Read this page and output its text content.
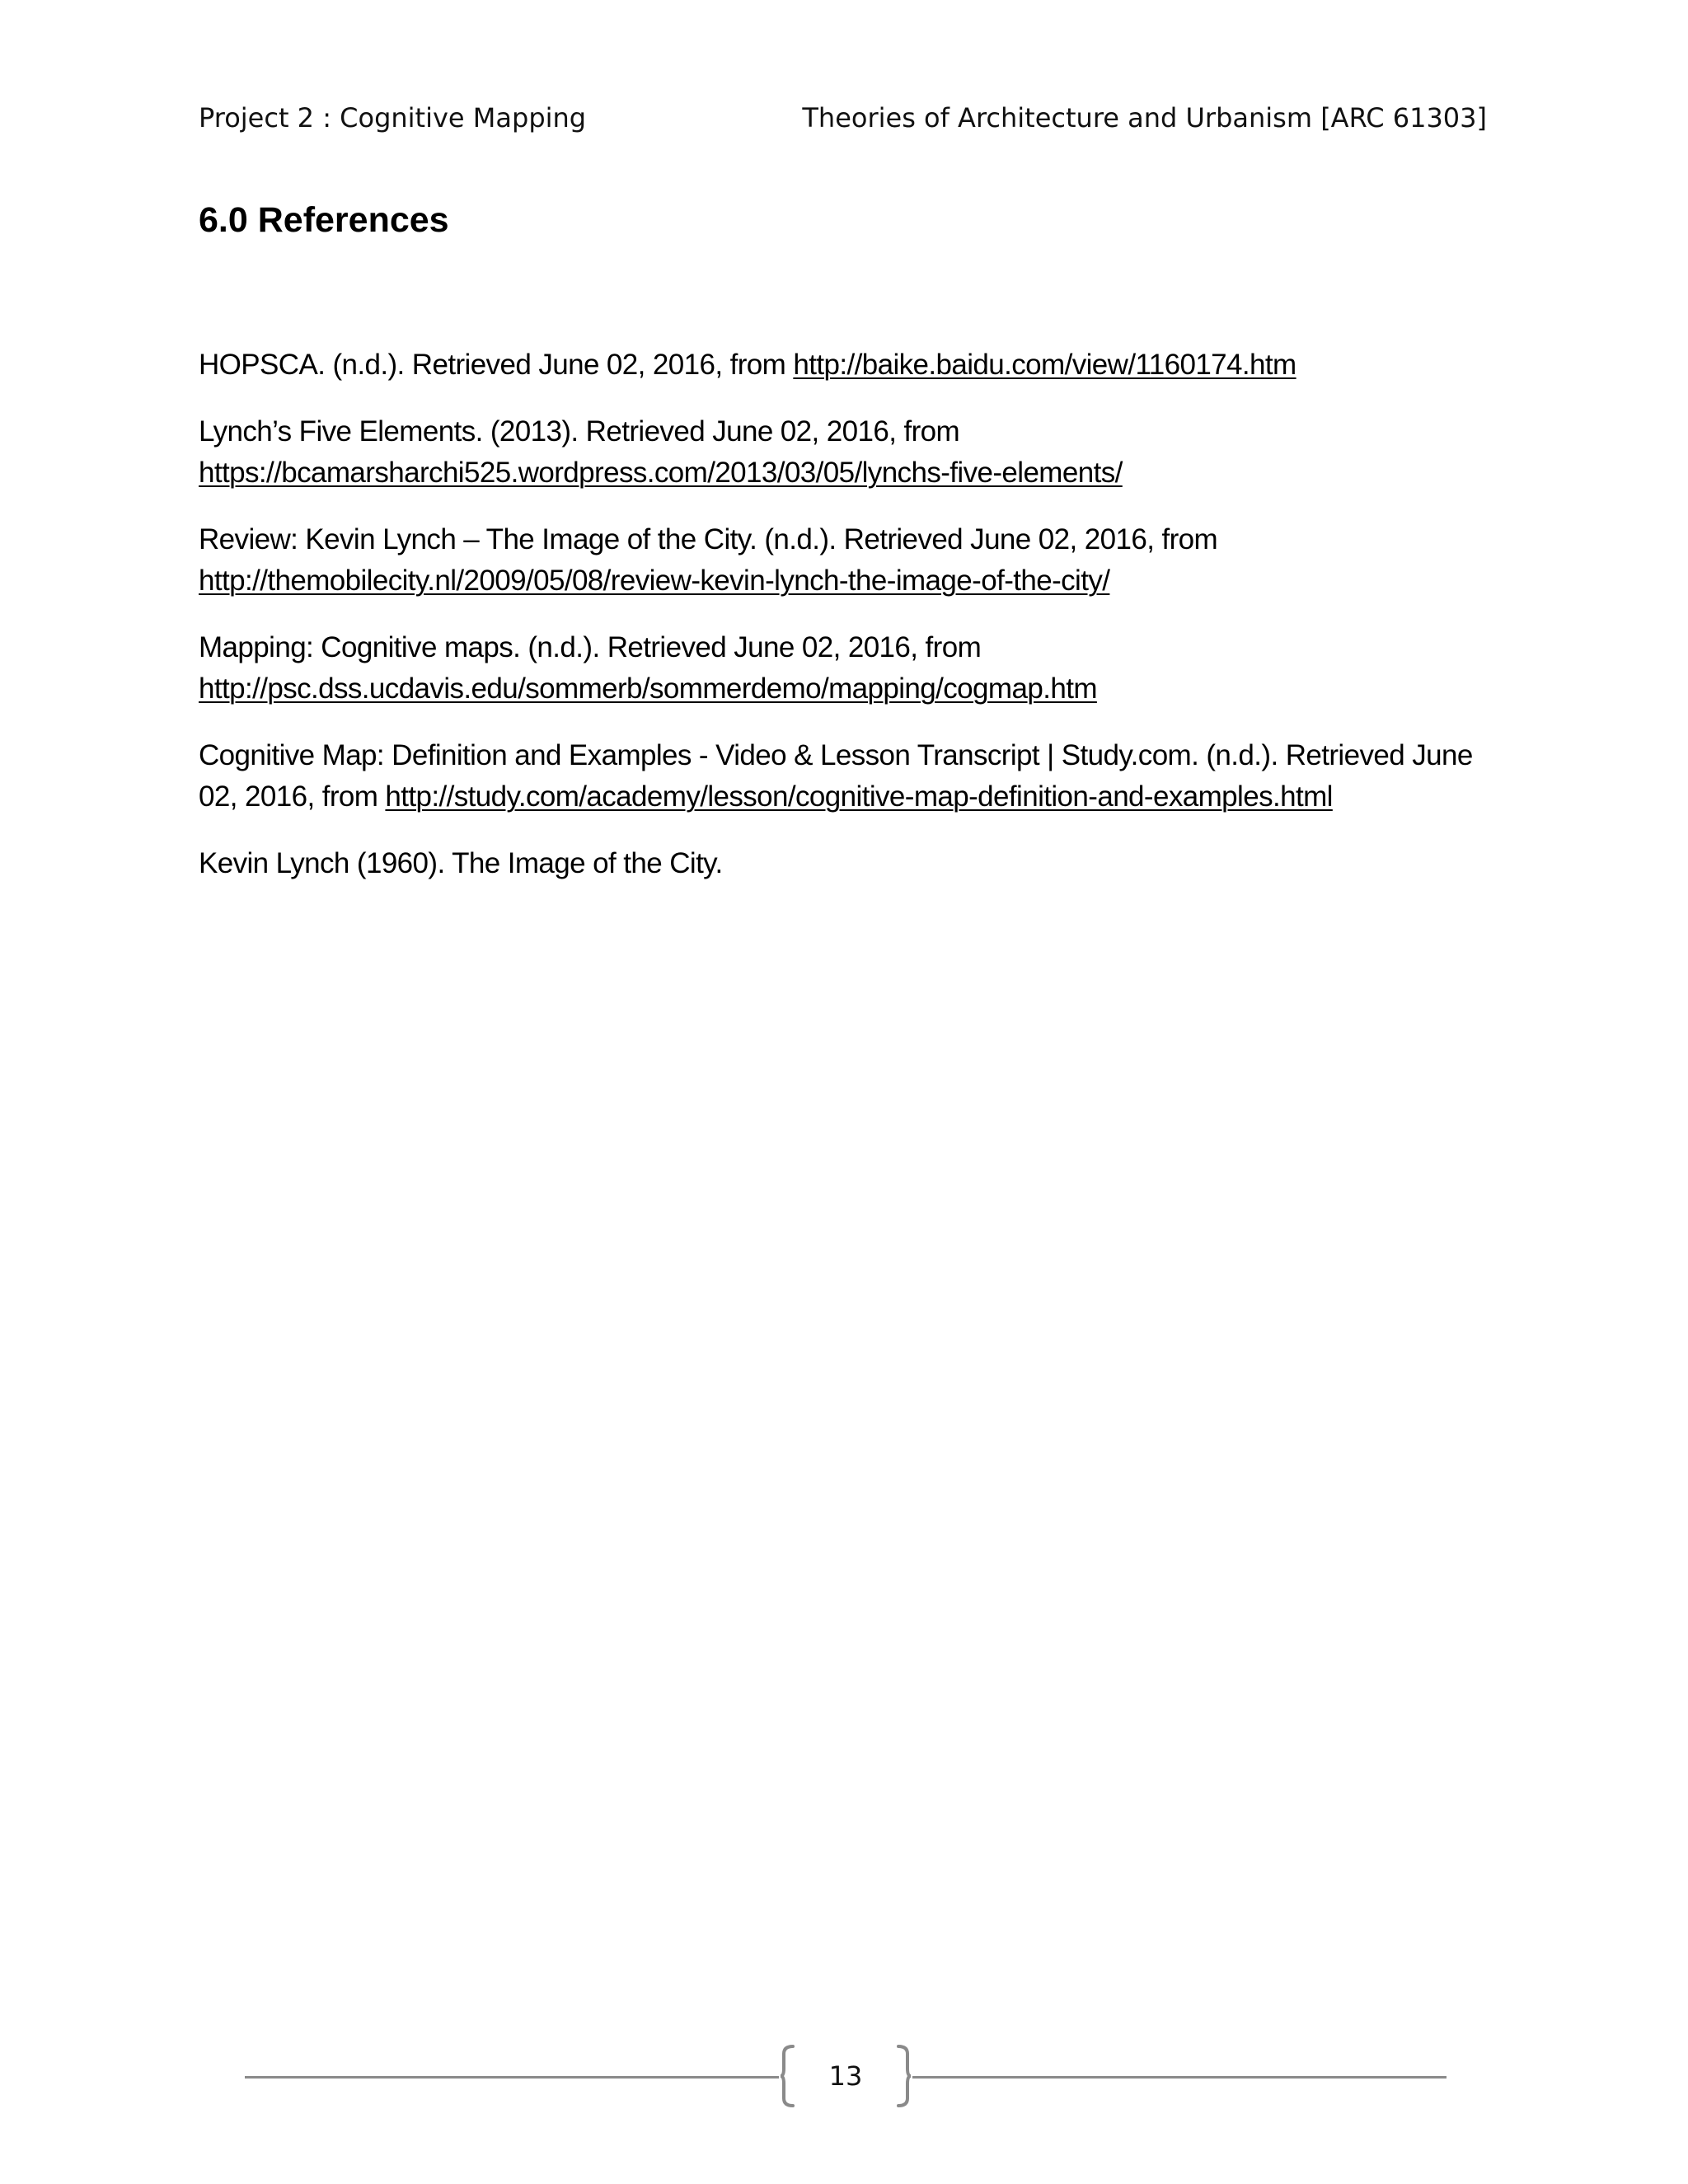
Project 2 : Cognitive Mapping	Theories of Architecture and Urbanism [ARC 61303]
6.0 References
HOPSCA. (n.d.). Retrieved June 02, 2016, from http://baike.baidu.com/view/1160174.htm
Lynch’s Five Elements. (2013). Retrieved June 02, 2016, from
https://bcamarsharchi525.wordpress.com/2013/03/05/lynchs-five-elements/
Review: Kevin Lynch – The Image of the City. (n.d.). Retrieved June 02, 2016, from
http://themobilecity.nl/2009/05/08/review-kevin-lynch-the-image-of-the-city/
Mapping: Cognitive maps. (n.d.). Retrieved June 02, 2016, from
http://psc.dss.ucdavis.edu/sommerb/sommerdemo/mapping/cogmap.htm
Cognitive Map: Definition and Examples - Video & Lesson Transcript | Study.com. (n.d.). Retrieved June 02, 2016, from http://study.com/academy/lesson/cognitive-map-definition-and-examples.html
Kevin Lynch (1960). The Image of the City.
13
